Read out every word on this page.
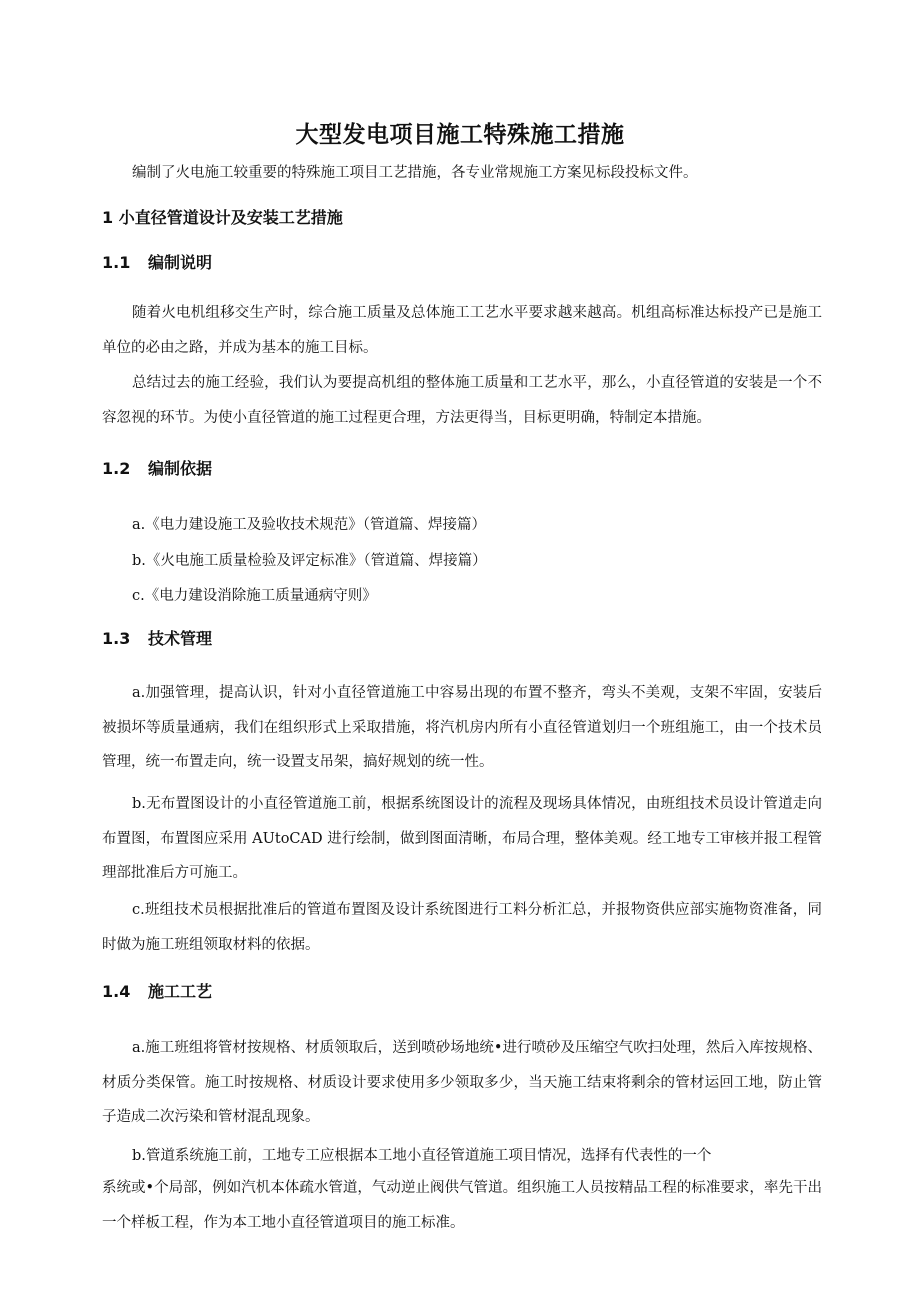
大型发电项目施工特殊施工措施
编制了火电施工较重要的特殊施工项目工艺措施，各专业常规施工方案见标段投标文件。
1 小直径管道设计及安装工艺措施
1.1 编制说明
随着火电机组移交生产时，综合施工质量及总体施工工艺水平要求越来越高。机组高标准达标投产已是施工单位的必由之路，并成为基本的施工目标。
总结过去的施工经验，我们认为要提高机组的整体施工质量和工艺水平，那么，小直径管道的安装是一个不容忽视的环节。为使小直径管道的施工过程更合理，方法更得当，目标更明确，特制定本措施。
1.2 编制依据
a.《电力建设施工及验收技术规范》（管道篇、焊接篇）
b.《火电施工质量检验及评定标准》（管道篇、焊接篇）
c.《电力建设消除施工质量通病守则》
1.3 技术管理
a.加强管理，提高认识，针对小直径管道施工中容易出现的布置不整齐，弯头不美观，支架不牢固，安装后被损坏等质量通病，我们在组织形式上采取措施，将汽机房内所有小直径管道划归一个班组施工，由一个技术员管理，统一布置走向，统一设置支吊架，搞好规划的统一性。
b.无布置图设计的小直径管道施工前，根据系统图设计的流程及现场具体情况，由班组技术员设计管道走向布置图，布置图应采用 AUtoCAD 进行绘制，做到图面清晰，布局合理，整体美观。经工地专工审核并报工程管理部批准后方可施工。
c.班组技术员根据批准后的管道布置图及设计系统图进行工料分析汇总，并报物资供应部实施物资准备，同时做为施工班组领取材料的依据。
1.4 施工工艺
a.施工班组将管材按规格、材质领取后，送到喷砂场地统•进行喷砂及压缩空气吹扫处理，然后入库按规格、材质分类保管。施工时按规格、材质设计要求使用多少领取多少，当天施工结束将剩余的管材运回工地，防止管子造成二次污染和管材混乱现象。
b.管道系统施工前，工地专工应根据本工地小直径管道施工项目情况，选择有代表性的一个
系统或•个局部，例如汽机本体疏水管道，气动逆止阀供气管道。组织施工人员按精品工程的标准要求，率先干出一个样板工程，作为本工地小直径管道项目的施工标准。
